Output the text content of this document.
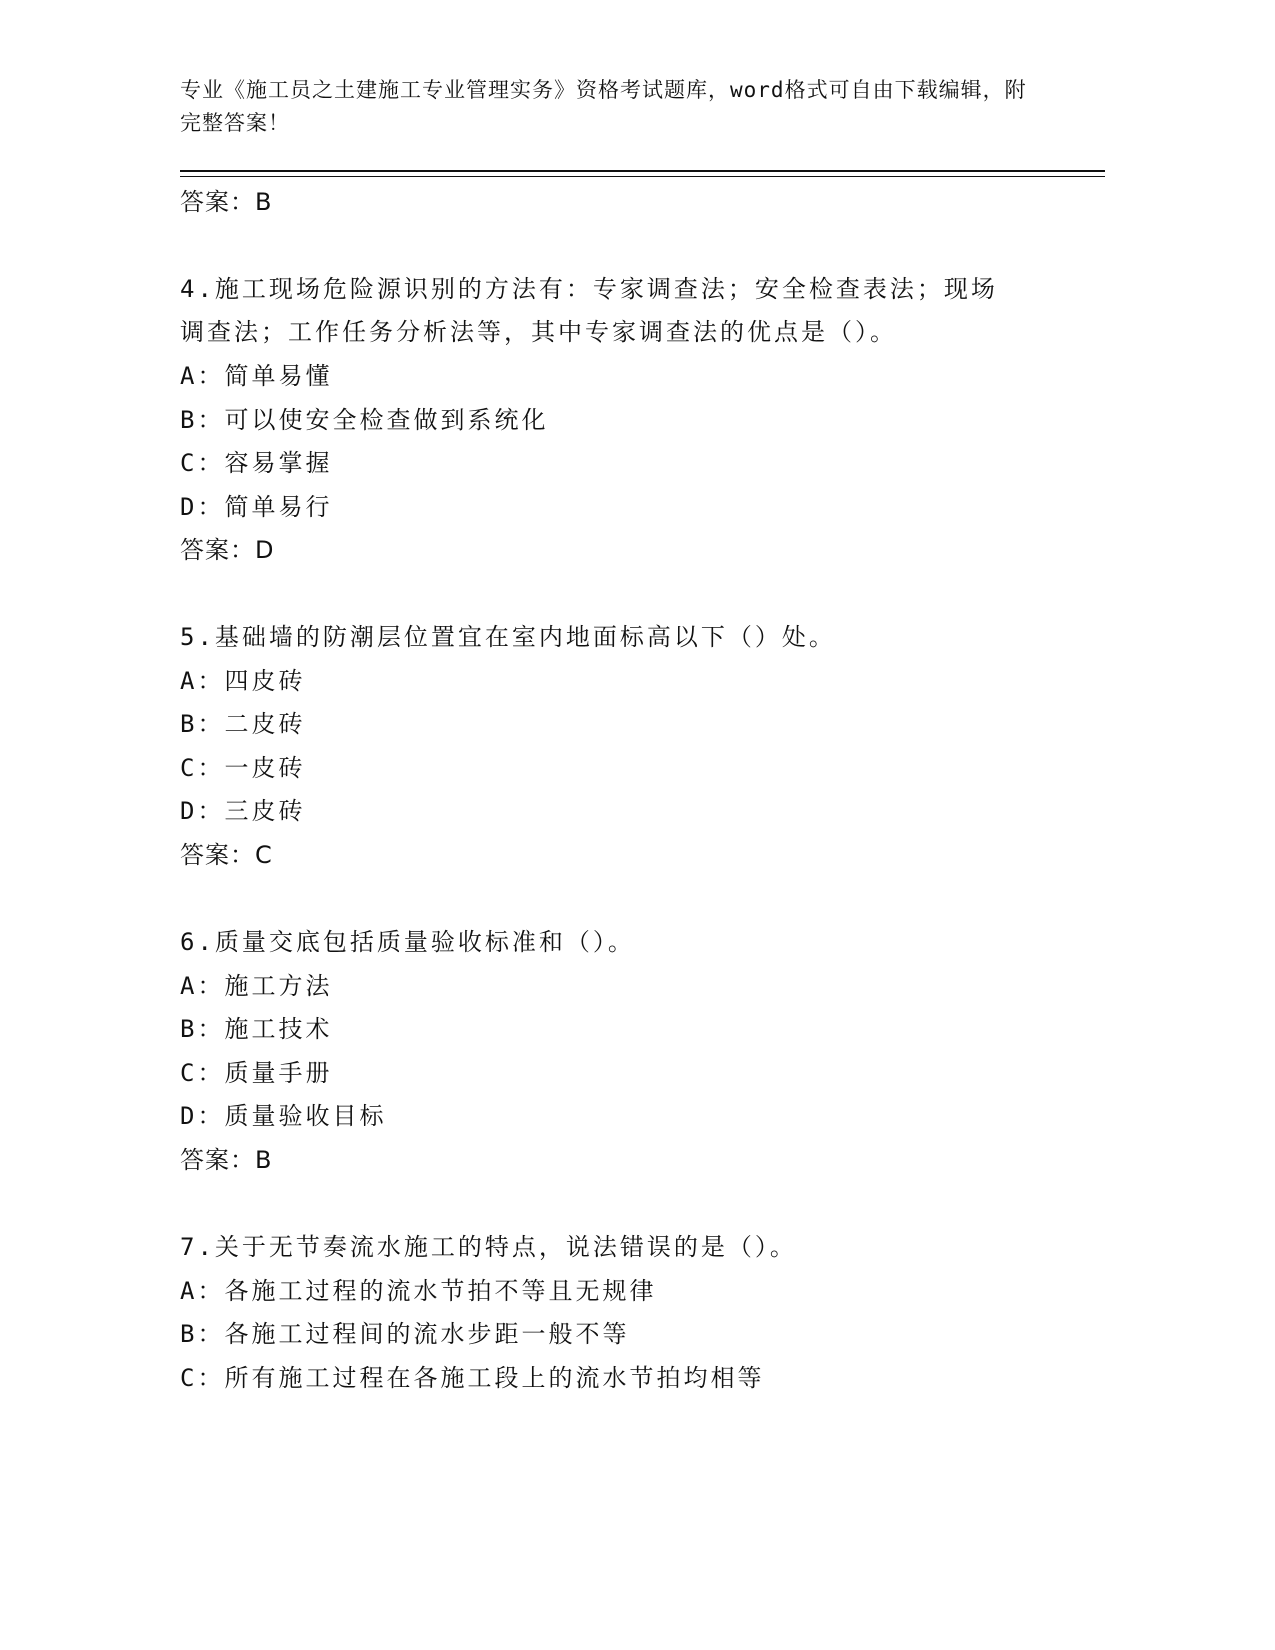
专业《施工员之土建施工专业管理实务》资格考试题库，word格式可自由下载编辑，附完整答案！
答案：B
4.施工现场危险源识别的方法有：专家调查法；安全检查表法；现场
调查法；工作任务分析法等，其中专家调查法的优点是（）。
A：简单易懂
B：可以使安全检查做到系统化
C：容易掌握
D：简单易行
答案：D
5.基础墙的防潮层位置宜在室内地面标高以下（）处。
A：四皮砖
B：二皮砖
C：一皮砖
D：三皮砖
答案：C
6.质量交底包括质量验收标准和（）。
A：施工方法
B：施工技术
C：质量手册
D：质量验收目标
答案：B
7.关于无节奏流水施工的特点，说法错误的是（）。
A：各施工过程的流水节拍不等且无规律
B：各施工过程间的流水步距一般不等
C：所有施工过程在各施工段上的流水节拍均相等
